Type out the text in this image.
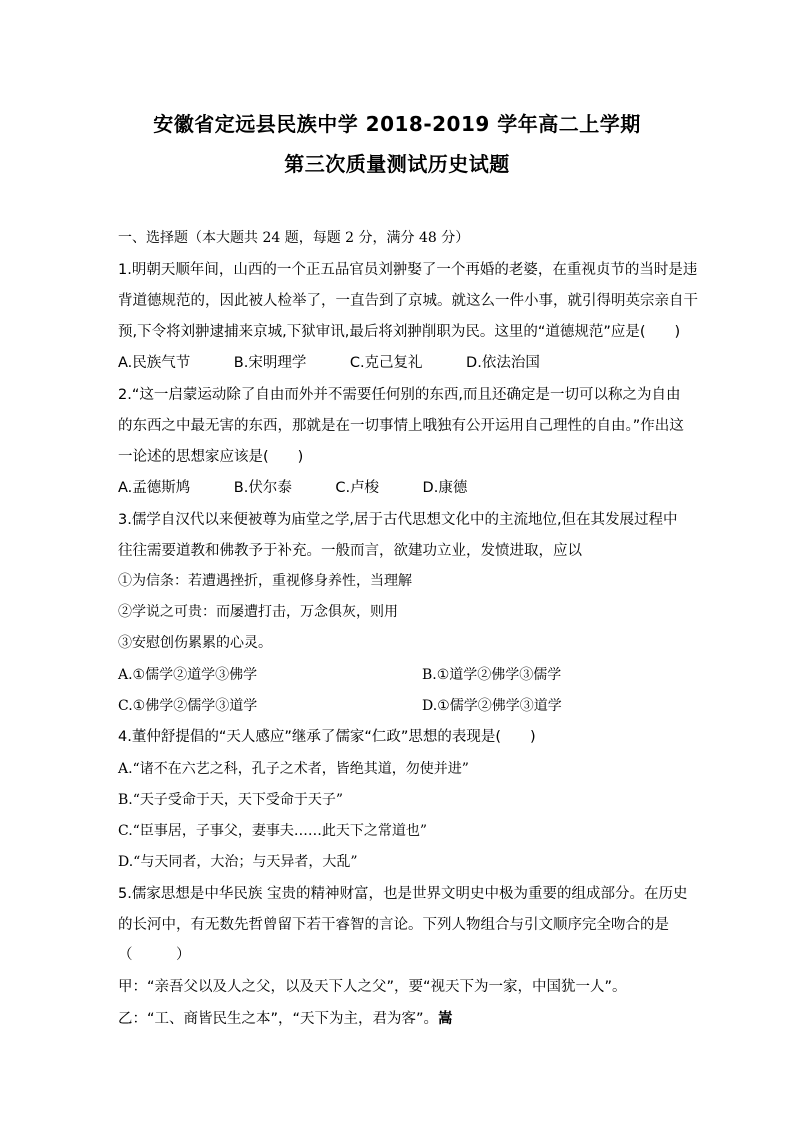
安徽省定远县民族中学 2018-2019 学年高二上学期
第三次质量测试历史试题
一、选择题（本大题共 24 题，每题 2 分，满分 48 分）
1.明朝天顺年间，山西的一个正五品官员刘翀娶了一个再婚的老婆，在重视贞节的当时是违
背道德规范的，因此被人检举了，一直告到了京城。就这么一件小事，就引得明英宗亲自干
预,下令将刘翀逮捕来京城,下狱审讯,最后将刘翀削职为民。这里的“道德规范”应是(　　)
A.民族气节　　　B.宋明理学　　　C.克己复礼　　　D.依法治国
2.“这一启蒙运动除了自由而外并不需要任何别的东西,而且还确定是一切可以称之为自由
的东西之中最无害的东西，那就是在一切事情上哦独有公开运用自己理性的自由。”作出这
一论述的思想家应该是(　　)
A.孟德斯鸠　　　B.伏尔泰　　　C.卢梭　　　D.康德
3.儒学自汉代以来便被尊为庙堂之学,居于古代思想文化中的主流地位,但在其发展过程中
往往需要道教和佛教予于补充。一般而言，欲建功立业，发愤进取，应以
①为信条：若遭遇挫折，重视修身养性，当理解
②学说之可贵：而屡遭打击，万念俱灰，则用
③安慰创伤累累的心灵。
A.①儒学②道学③佛学	B.①道学②佛学③儒学
C.①佛学②儒学③道学	D.①儒学②佛学③道学
4.董仲舒提倡的“天人感应”继承了儒家“仁政”思想的表现是(　　)
A.“诸不在六艺之科，孔子之术者，皆绝其道，勿使并进”
B.“天子受命于天，天下受命于天子”
C.“臣事居，子事父，妻事夫……此天下之常道也”
D.“与天同者，大治；与天异者，大乱”
5.儒家思想是中华民族 宝贵的精神财富，也是世界文明史中极为重要的组成部分。在历史
的长河中，有无数先哲曾留下若干睿智的言论。下列人物组合与引文顺序完全吻合的是
（　　　）
甲：“亲吾父以及人之父，以及天下人之父”，要“视天下为一家，中国犹一人”。
乙：“工、商皆民生之本”，“天下为主，君为客”。嵩
